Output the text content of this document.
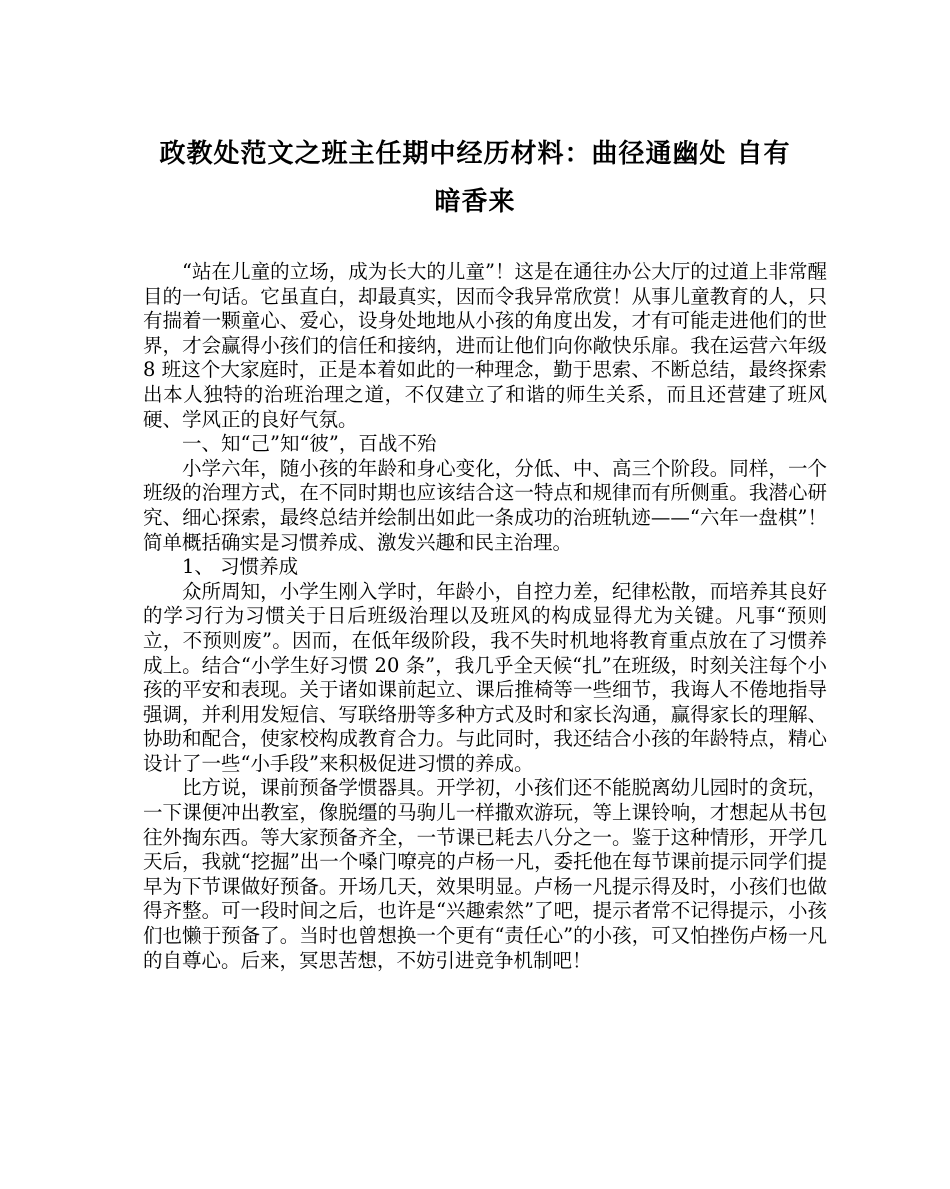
政教处范文之班主任期中经历材料：曲径通幽处 自有
暗香来

“站在儿童的立场，成为长大的儿童”！这是在通往办公大厅的过道上非常醒目的一句话。它虽直白，却最真实，因而令我异常欣赏！从事儿童教育的人，只有揣着一颗童心、爱心，设身处地地从小孩的角度出发，才有可能走进他们的世界，才会赢得小孩们的信任和接纳，进而让他们向你敞快乐扉。我在运营六年级 8 班这个大家庭时，正是本着如此的一种理念，勤于思索、不断总结，最终探索出本人独特的治班治理之道，不仅建立了和谐的师生关系，而且还营建了班风硬、学风正的良好气氛。

一、知“己”知“彼”，百战不殆

小学六年，随小孩的年龄和身心变化，分低、中、高三个阶段。同样，一个班级的治理方式，在不同时期也应该结合这一特点和规律而有所侧重。我潜心研究、细心探索，最终总结并绘制出如此一条成功的治班轨迹——“六年一盘棋”！简单概括确实是习惯养成、激发兴趣和民主治理。

1、 习惯养成

众所周知，小学生刚入学时，年龄小，自控力差，纪律松散，而培养其良好的学习行为习惯关于日后班级治理以及班风的构成显得尤为关键。凡事“预则立，不预则废”。因而，在低年级阶段，我不失时机地将教育重点放在了习惯养成上。结合“小学生好习惯 20 条”，我几乎全天候“扎”在班级，时刻关注每个小孩的平安和表现。关于诸如课前起立、课后推椅等一些细节，我诲人不倦地指导强调，并利用发短信、写联络册等多种方式及时和家长沟通，赢得家长的理解、协助和配合，使家校构成教育合力。与此同时，我还结合小孩的年龄特点，精心设计了一些“小手段”来积极促进习惯的养成。

比方说，课前预备学惯器具。开学初，小孩们还不能脱离幼儿园时的贪玩，一下课便冲出教室，像脱缰的马驹儿一样撒欢游玩，等上课铃响，才想起从书包往外掏东西。等大家预备齐全，一节课已耗去八分之一。鉴于这种情形，开学几天后，我就“挖掘”出一个嗓门嘹亮的卢杨一凡，委托他在每节课前提示同学们提早为下节课做好预备。开场几天，效果明显。卢杨一凡提示得及时，小孩们也做得齐整。可一段时间之后，也许是“兴趣索然”了吧，提示者常不记得提示，小孩们也懒于预备了。当时也曾想换一个更有“责任心”的小孩，可又怕挫伤卢杨一凡的自尊心。后来，冥思苦想，不妨引进竞争机制吧！
